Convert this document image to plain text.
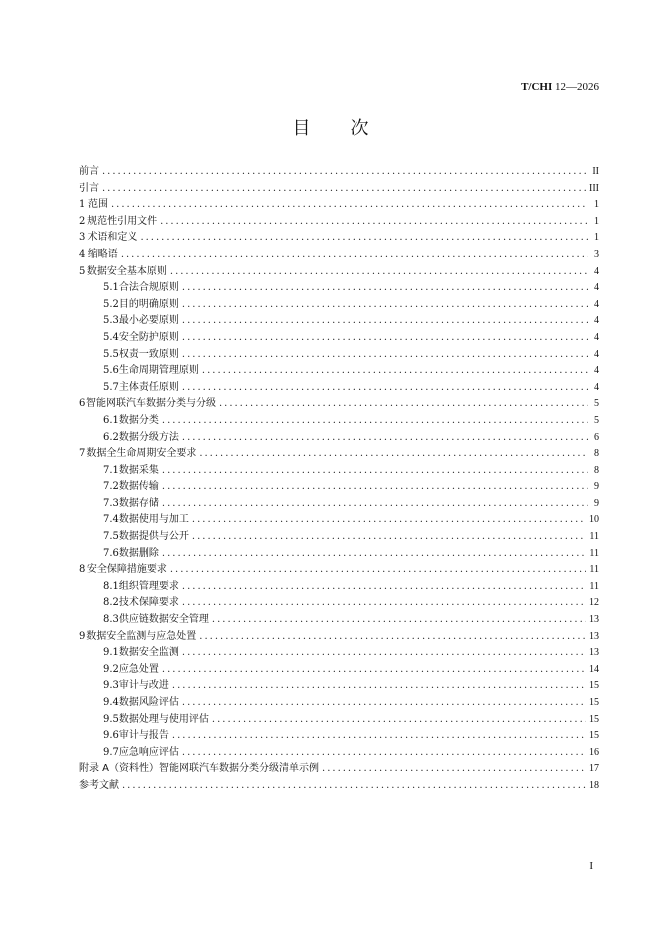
T/CHI 12—2026
目 次
前言 .....	II
引言 .....	III
1 范围 .....	1
2 规范性引用文件 .....	1
3 术语和定义 .....	1
4 缩略语 .....	3
5 数据安全基本原则 .....	4
5.1 合法合规原则 .....	4
5.2 目的明确原则 .....	4
5.3 最小必要原则 .....	4
5.4 安全防护原则 .....	4
5.5 权责一致原则 .....	4
5.6 生命周期管理原则 .....	4
5.7 主体责任原则 .....	4
6 智能网联汽车数据分类与分级 .....	5
6.1 数据分类 .....	5
6.2 数据分级方法 .....	6
7 数据全生命周期安全要求 .....	8
7.1 数据采集 .....	8
7.2 数据传输 .....	9
7.3 数据存储 .....	9
7.4 数据使用与加工 .....	10
7.5 数据提供与公开 .....	11
7.6 数据删除 .....	11
8 安全保障措施要求 .....	11
8.1 组织管理要求 .....	11
8.2 技术保障要求 .....	12
8.3 供应链数据安全管理 .....	13
9 数据安全监测与应急处置 .....	13
9.1 数据安全监测 .....	13
9.2 应急处置 .....	14
9.3 审计与改进 .....	15
9.4 数据风险评估 .....	15
9.5 数据处理与使用评估 .....	15
9.6 审计与报告 .....	15
9.7 应急响应评估 .....	16
附录 A（资料性）智能网联汽车数据分类分级清单示例 .....	17
参考文献 .....	18
I
